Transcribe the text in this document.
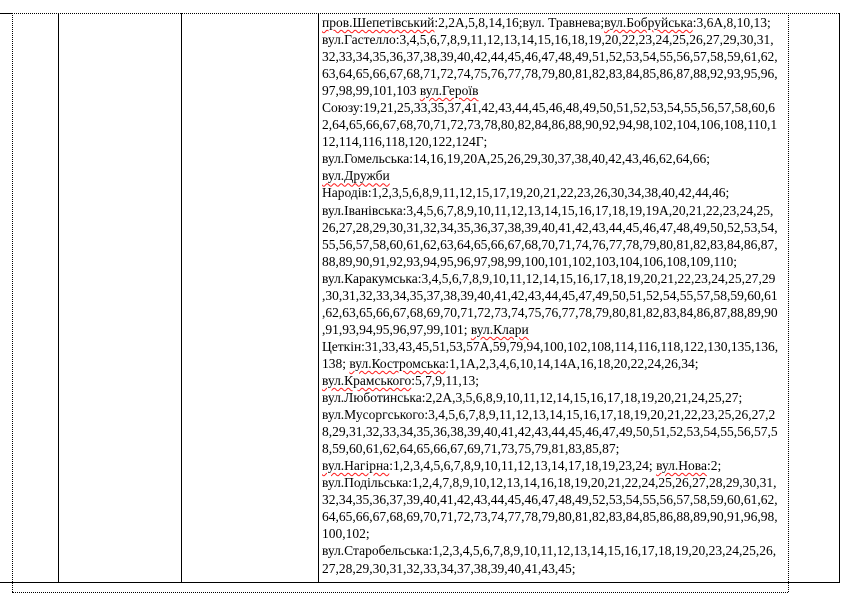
пров.Шепетівський:2,2А,5,8,14,16;вул. Травнева;вул.Бобруйська:3,6А,8,10,13;
вул.Гастелло:3,4,5,6,7,8,9,11,12,13,14,15,16,18,19,20,22,23,24,25,26,27,29,30,31,
32,33,34,35,36,37,38,39,40,42,44,45,46,47,48,49,51,52,53,54,55,56,57,58,59,61,62,
63,64,65,66,67,68,71,72,74,75,76,77,78,79,80,81,82,83,84,85,86,87,88,92,93,95,96,
97,98,99,101,103 вул.Героїв
Союзу:19,21,25,33,35,37,41,42,43,44,45,46,48,49,50,51,52,53,54,55,56,57,58,60,6
2,64,65,66,67,68,70,71,72,73,78,80,82,84,86,88,90,92,94,98,102,104,106,108,110,1
12,114,116,118,120,122,124Г;
вул.Гомельська:14,16,19,20А,25,26,29,30,37,38,40,42,43,46,62,64,66;
вул.Дружби
Народів:1,2,3,5,6,8,9,11,12,15,17,19,20,21,22,23,26,30,34,38,40,42,44,46;
вул.Іванівська:3,4,5,6,7,8,9,10,11,12,13,14,15,16,17,18,19,19А,20,21,22,23,24,25,
26,27,28,29,30,31,32,34,35,36,37,38,39,40,41,42,43,44,45,46,47,48,49,50,52,53,54,
55,56,57,58,60,61,62,63,64,65,66,67,68,70,71,74,76,77,78,79,80,81,82,83,84,86,87,
88,89,90,91,92,93,94,95,96,97,98,99,100,101,102,103,104,106,108,109,110;
вул.Каракумська:3,4,5,6,7,8,9,10,11,12,14,15,16,17,18,19,20,21,22,23,24,25,27,29
,30,31,32,33,34,35,37,38,39,40,41,42,43,44,45,47,49,50,51,52,54,55,57,58,59,60,61
,62,63,65,66,67,68,69,70,71,72,73,74,75,76,77,78,79,80,81,82,83,84,86,87,88,89,90
,91,93,94,95,96,97,99,101; вул.Клари
Цеткін:31,33,43,45,51,53,57А,59,79,94,100,102,108,114,116,118,122,130,135,136,
138; вул.Костромська:1,1А,2,3,4,6,10,14,14А,16,18,20,22,24,26,34;
вул.Крамського:5,7,9,11,13;
вул.Люботинська:2,2А,3,5,6,8,9,10,11,12,14,15,16,17,18,19,20,21,24,25,27;
вул.Мусоргського:3,4,5,6,7,8,9,11,12,13,14,15,16,17,18,19,20,21,22,23,25,26,27,2
8,29,31,32,33,34,35,36,38,39,40,41,42,43,44,45,46,47,49,50,51,52,53,54,55,56,57,5
8,59,60,61,62,64,65,66,67,69,71,73,75,79,81,83,85,87;
вул.Нагірна:1,2,3,4,5,6,7,8,9,10,11,12,13,14,17,18,19,23,24; вул.Нова:2;
вул.Подільська:1,2,4,7,8,9,10,12,13,14,16,18,19,20,21,22,24,25,26,27,28,29,30,31,
32,34,35,36,37,39,40,41,42,43,44,45,46,47,48,49,52,53,54,55,56,57,58,59,60,61,62,
64,65,66,67,68,69,70,71,72,73,74,77,78,79,80,81,82,83,84,85,86,88,89,90,91,96,98,
100,102;
вул.Старобельська:1,2,3,4,5,6,7,8,9,10,11,12,13,14,15,16,17,18,19,20,23,24,25,26,
27,28,29,30,31,32,33,34,37,38,39,40,41,43,45;
